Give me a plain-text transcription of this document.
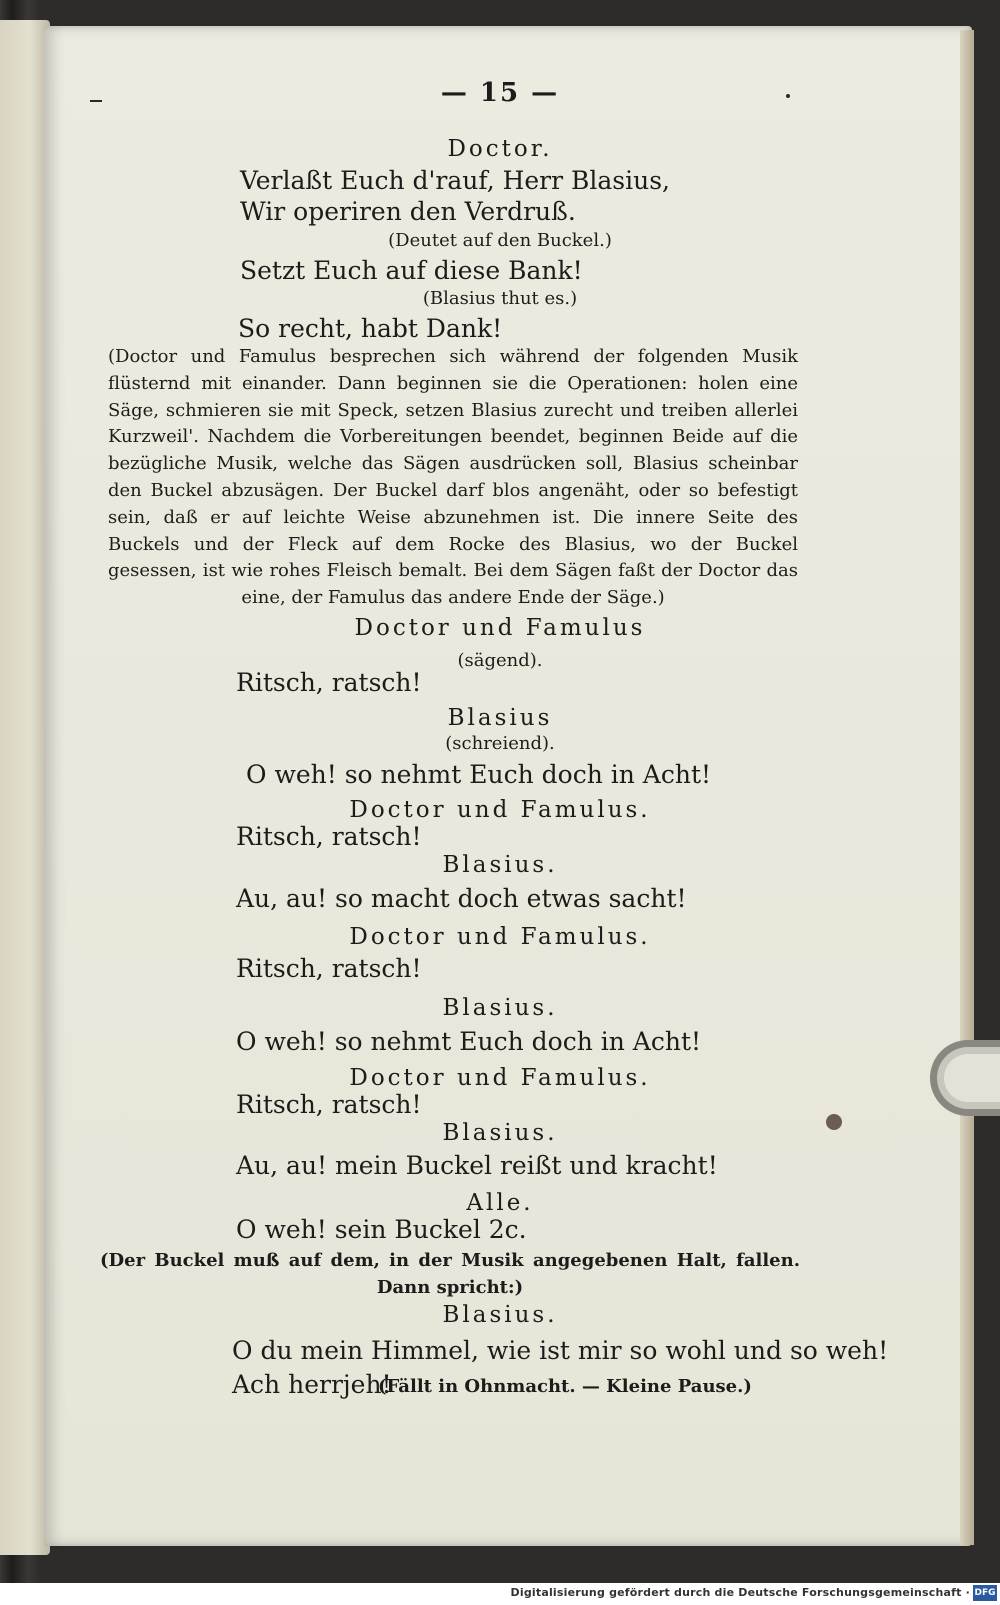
— 15 —
Doctor.
Verlaßt Euch d'rauf, Herr Blasius,
Wir operiren den Verdruß.
(Deutet auf den Buckel.)
Setzt Euch auf diese Bank!
(Blasius thut es.)
So recht, habt Dank!
(Doctor und Famulus besprechen sich während der folgenden Musik flüsternd mit einander. Dann beginnen sie die Operationen: holen eine Säge, schmieren sie mit Speck, setzen Blasius zurecht und treiben allerlei Kurzweil'. Nachdem die Vorbereitungen beendet, beginnen Beide auf die bezügliche Musik, welche das Sägen ausdrücken soll, Blasius scheinbar den Buckel abzusägen. Der Buckel darf blos angenäht, oder so befestigt sein, daß er auf leichte Weise abzunehmen ist. Die innere Seite des Buckels und der Fleck auf dem Rocke des Blasius, wo der Buckel gesessen, ist wie rohes Fleisch bemalt. Bei dem Sägen faßt der Doctor das eine, der Famulus das andere Ende der Säge.)
Doctor und Famulus
(sägend).
Ritsch, ratsch!
Blasius
(schreiend).
O weh! so nehmt Euch doch in Acht!
Doctor und Famulus.
Ritsch, ratsch!
Blasius.
Au, au! so macht doch etwas sacht!
Doctor und Famulus.
Ritsch, ratsch!
Blasius.
O weh! so nehmt Euch doch in Acht!
Doctor und Famulus.
Ritsch, ratsch!
Blasius.
Au, au! mein Buckel reißt und kracht!
Alle.
O weh! sein Buckel 2c.
(Der Buckel muß auf dem, in der Musik angegebenen Halt, fallen. Dann spricht:)
Blasius.
O du mein Himmel, wie ist mir so wohl und so weh!
Ach herrjeh!
(Fällt in Ohnmacht. — Kleine Pause.)
Digitalisierung gefördert durch die Deutsche Forschungsgemeinschaft · DFG
